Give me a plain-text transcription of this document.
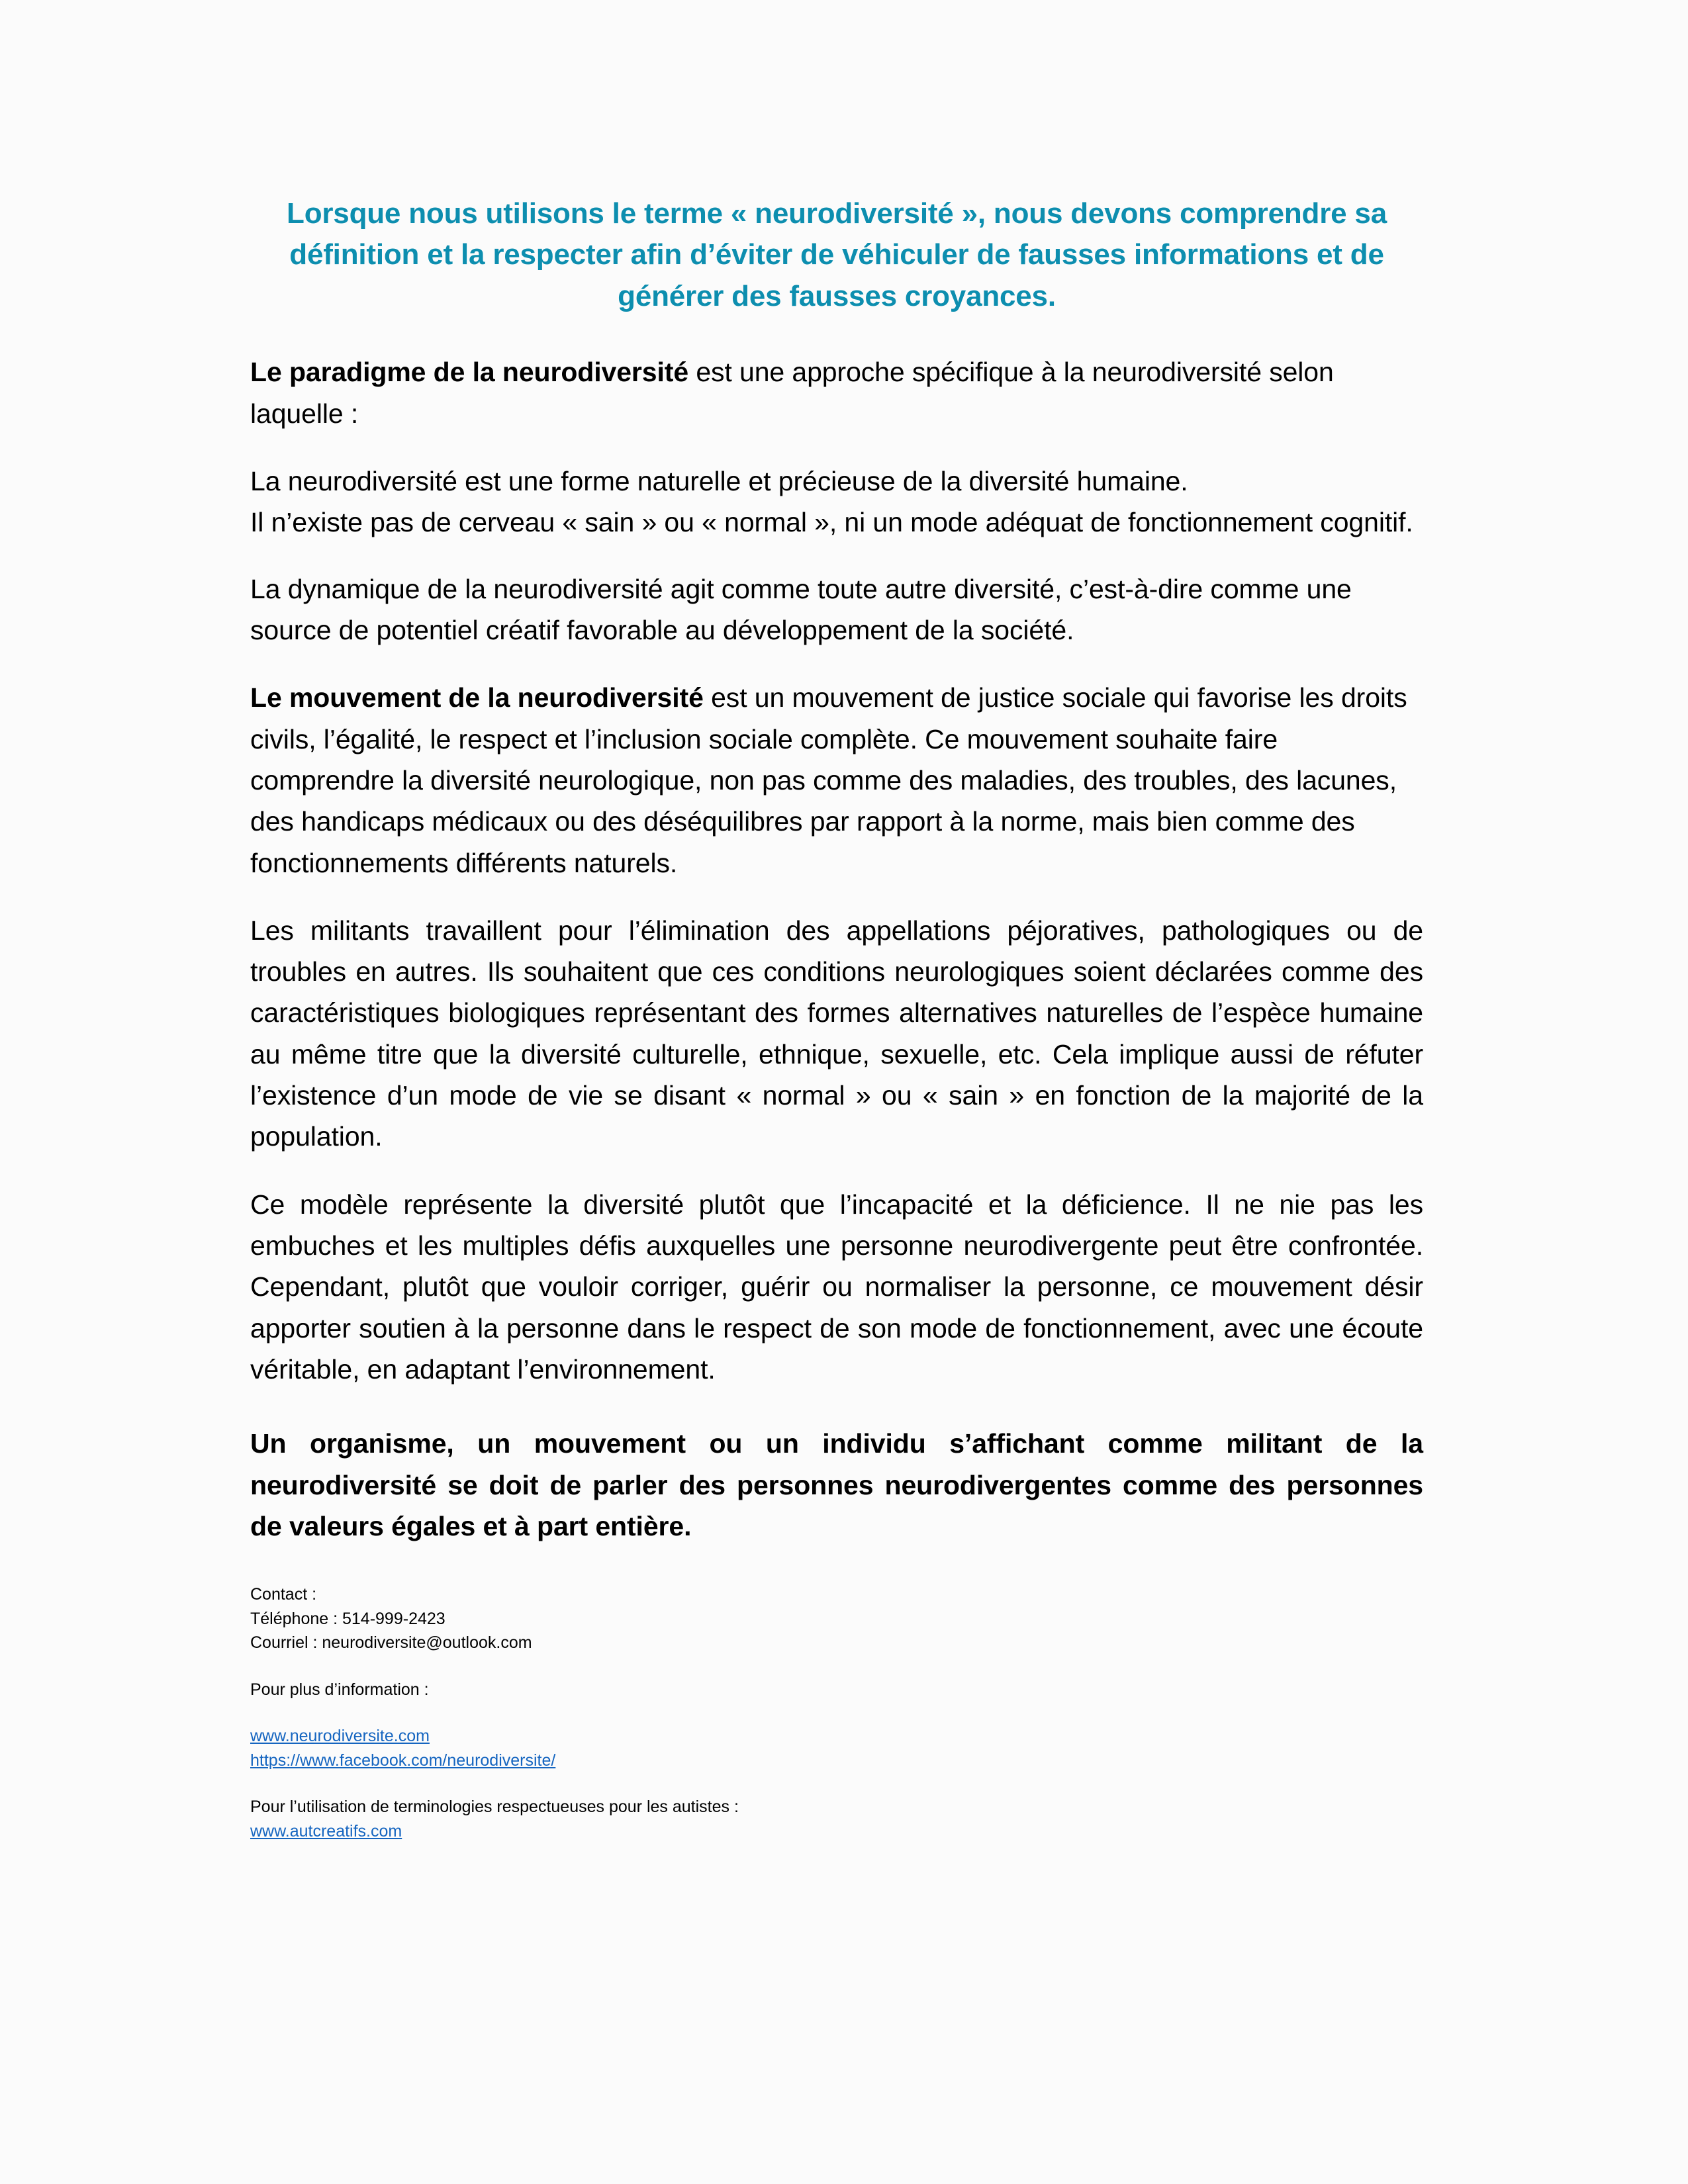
Lorsque nous utilisons le terme « neurodiversité », nous devons comprendre sa définition et la respecter afin d’éviter de véhiculer de fausses informations et de générer des fausses croyances.

Le paradigme de la neurodiversité est une approche spécifique à la neurodiversité selon laquelle :

La neurodiversité est une forme naturelle et précieuse de la diversité humaine.
Il n’existe pas de cerveau « sain » ou « normal », ni un mode adéquat de fonctionnement cognitif.

La dynamique de la neurodiversité agit comme toute autre diversité, c’est-à-dire comme une source de potentiel créatif favorable au développement de la société.

Le mouvement de la neurodiversité est un mouvement de justice sociale qui favorise les droits civils, l’égalité, le respect et l’inclusion sociale complète. Ce mouvement souhaite faire comprendre la diversité neurologique, non pas comme des maladies, des troubles, des lacunes, des handicaps médicaux ou des déséquilibres par rapport à la norme, mais bien comme des fonctionnements différents naturels.

Les militants travaillent pour l’élimination des appellations péjoratives, pathologiques ou de troubles en autres. Ils souhaitent que ces conditions neurologiques soient déclarées comme des caractéristiques biologiques représentant des formes alternatives naturelles de l’espèce humaine au même titre que la diversité culturelle, ethnique, sexuelle, etc. Cela implique aussi de réfuter l’existence d’un mode de vie se disant « normal » ou « sain » en fonction de la majorité de la population.

Ce modèle représente la diversité plutôt que l’incapacité et la déficience. Il ne nie pas les embuches et les multiples défis auxquelles une personne neurodivergente peut être confrontée. Cependant, plutôt que vouloir corriger, guérir ou normaliser la personne, ce mouvement désir apporter soutien à la personne dans le respect de son mode de fonctionnement, avec une écoute véritable, en adaptant l’environnement.

Un organisme, un mouvement ou un individu s’affichant comme militant de la neurodiversité se doit de parler des personnes neurodivergentes comme des personnes de valeurs égales et à part entière.

Contact :
Téléphone : 514-999-2423
Courriel : neurodiversite@outlook.com
Pour plus d’information :
www.neurodiversite.com
https://www.facebook.com/neurodiversite/
Pour l’utilisation de terminologies respectueuses pour les autistes :
www.autcreatifs.com
